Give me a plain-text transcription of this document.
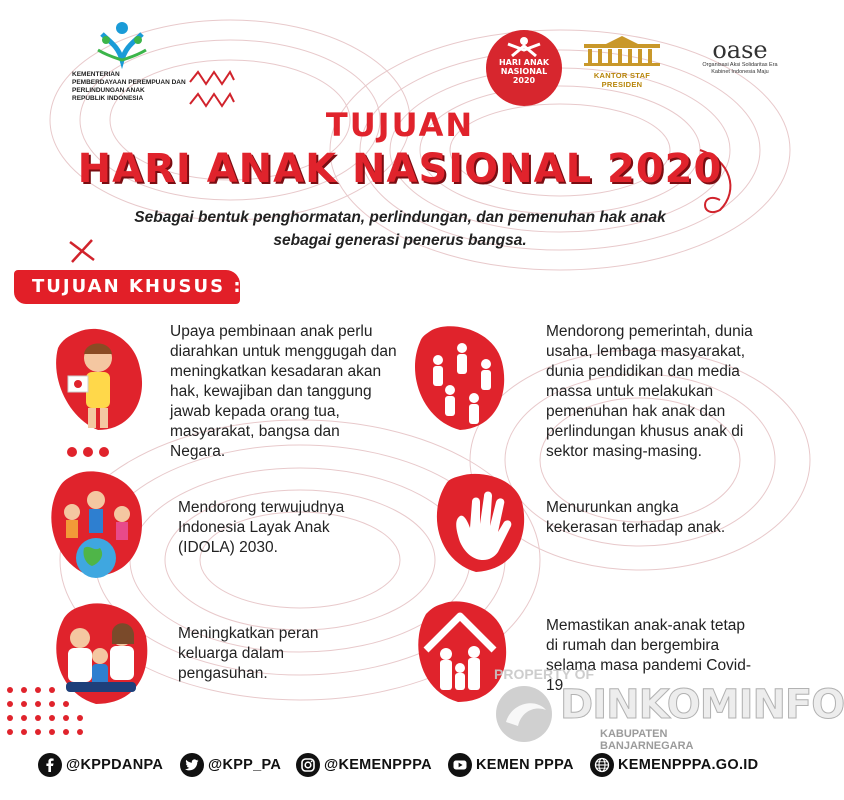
KEMENTERIAN
PEMBERDAYAAN PEREMPUAN DAN PERLINDUNGAN ANAK
REPUBLIK INDONESIA
HARI ANAK NASIONAL 2020
KANTOR STAF PRESIDEN
oase
Organisasi Aksi Solidaritas Era Kabinet Indonesia Maju
TUJUAN
HARI ANAK NASIONAL 2020
Sebagai bentuk penghormatan, perlindungan, dan pemenuhan hak anak sebagai generasi penerus bangsa.
TUJUAN KHUSUS :
Upaya pembinaan anak perlu diarahkan untuk menggugah dan meningkatkan kesadaran akan hak, kewajiban dan tanggung jawab kepada orang tua, masyarakat, bangsa dan Negara.
Mendorong pemerintah, dunia usaha, lembaga masyarakat, dunia pendidikan dan media massa untuk melakukan pemenuhan hak anak dan perlindungan khusus anak di sektor masing-masing.
Mendorong terwujudnya Indonesia Layak Anak (IDOLA) 2030.
Menurunkan angka kekerasan terhadap anak.
Meningkatkan peran keluarga dalam pengasuhan.
Memastikan anak-anak tetap di rumah dan bergembira selama masa pandemi Covid-19
PROPERTY OF
DINKOMINFO
KABUPATEN BANJARNEGARA
@KPPDANPA	@KPP_PA	@KEMENPPPA	KEMEN PPPA	KEMENPPPA.GO.ID
